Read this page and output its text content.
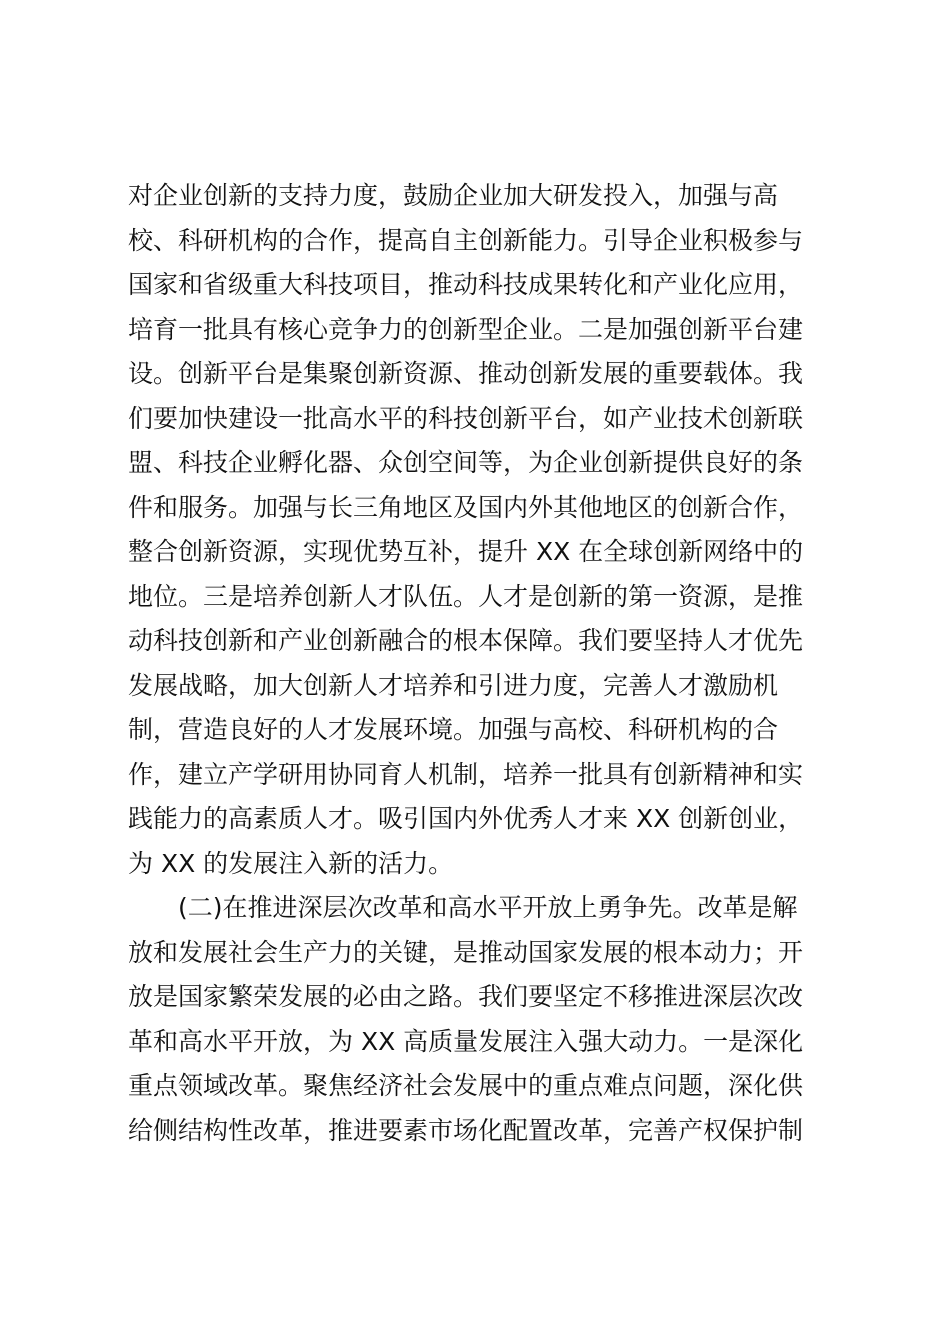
对企业创新的支持力度，鼓励企业加大研发投入，加强与高
校、科研机构的合作，提高自主创新能力。引导企业积极参与
国家和省级重大科技项目，推动科技成果转化和产业化应用，
培育一批具有核心竞争力的创新型企业。二是加强创新平台建
设。创新平台是集聚创新资源、推动创新发展的重要载体。我
们要加快建设一批高水平的科技创新平台，如产业技术创新联
盟、科技企业孵化器、众创空间等，为企业创新提供良好的条
件和服务。加强与长三角地区及国内外其他地区的创新合作，
整合创新资源，实现优势互补，提升 XX 在全球创新网络中的
地位。三是培养创新人才队伍。人才是创新的第一资源，是推
动科技创新和产业创新融合的根本保障。我们要坚持人才优先
发展战略，加大创新人才培养和引进力度，完善人才激励机
制，营造良好的人才发展环境。加强与高校、科研机构的合
作，建立产学研用协同育人机制，培养一批具有创新精神和实
践能力的高素质人才。吸引国内外优秀人才来 XX 创新创业，
为 XX 的发展注入新的活力。
(二)在推进深层次改革和高水平开放上勇争先。改革是解
放和发展社会生产力的关键，是推动国家发展的根本动力；开
放是国家繁荣发展的必由之路。我们要坚定不移推进深层次改
革和高水平开放，为 XX 高质量发展注入强大动力。一是深化
重点领域改革。聚焦经济社会发展中的重点难点问题，深化供
给侧结构性改革，推进要素市场化配置改革，完善产权保护制
